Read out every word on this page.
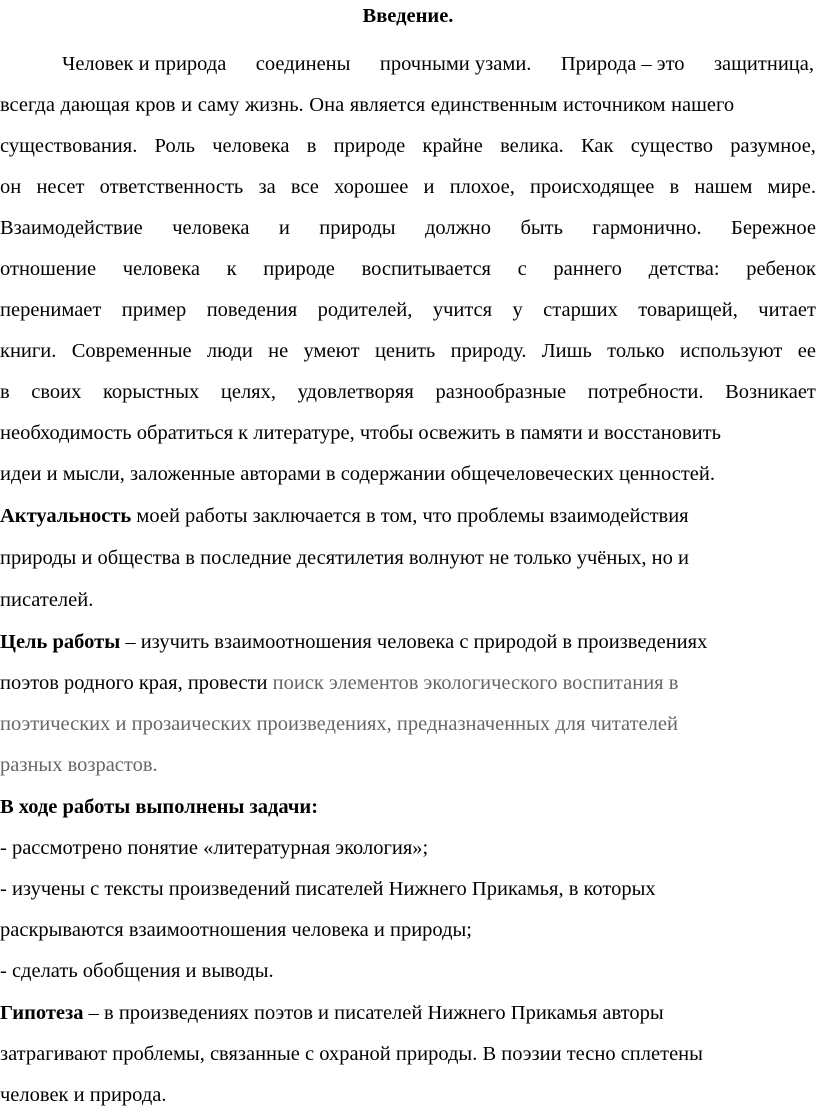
Введение.

Человек и природа соединены прочными узами. Природа – это защитница,
всегда дающая кров и саму жизнь. Она является единственным источником нашего
существования. Роль человека в природе крайне велика. Как существо разумное,
он несет ответственность за все хорошее и плохое, происходящее в нашем мире.
Взаимодействие человека и природы должно быть гармонично. Бережное
отношение человека к природе воспитывается с раннего детства: ребенок
перенимает пример поведения родителей, учится у старших товарищей, читает
книги. Современные люди не умеют ценить природу. Лишь только используют ее
в своих корыстных целях, удовлетворяя разнообразные потребности. Возникает
необходимость обратиться к литературе, чтобы освежить в памяти и восстановить
идеи и мысли, заложенные авторами в содержании общечеловеческих ценностей.
Актуальность моей работы заключается в том, что проблемы взаимодействия
природы и общества в последние десятилетия волнуют не только учёных, но и
писателей.
Цель работы – изучить взаимоотношения человека с природой в произведениях
поэтов родного края, провести поиск элементов экологического воспитания в
поэтических и прозаических произведениях, предназначенных для читателей
разных возрастов.
В ходе работы выполнены задачи:
- рассмотрено понятие «литературная экология»;
- изучены с тексты произведений писателей Нижнего Прикамья, в которых
раскрываются взаимоотношения человека и природы;
- сделать обобщения и выводы.
Гипотеза – в произведениях поэтов и писателей Нижнего Прикамья авторы
затрагивают проблемы, связанные с охраной природы. В поэзии тесно сплетены
человек и природа.
